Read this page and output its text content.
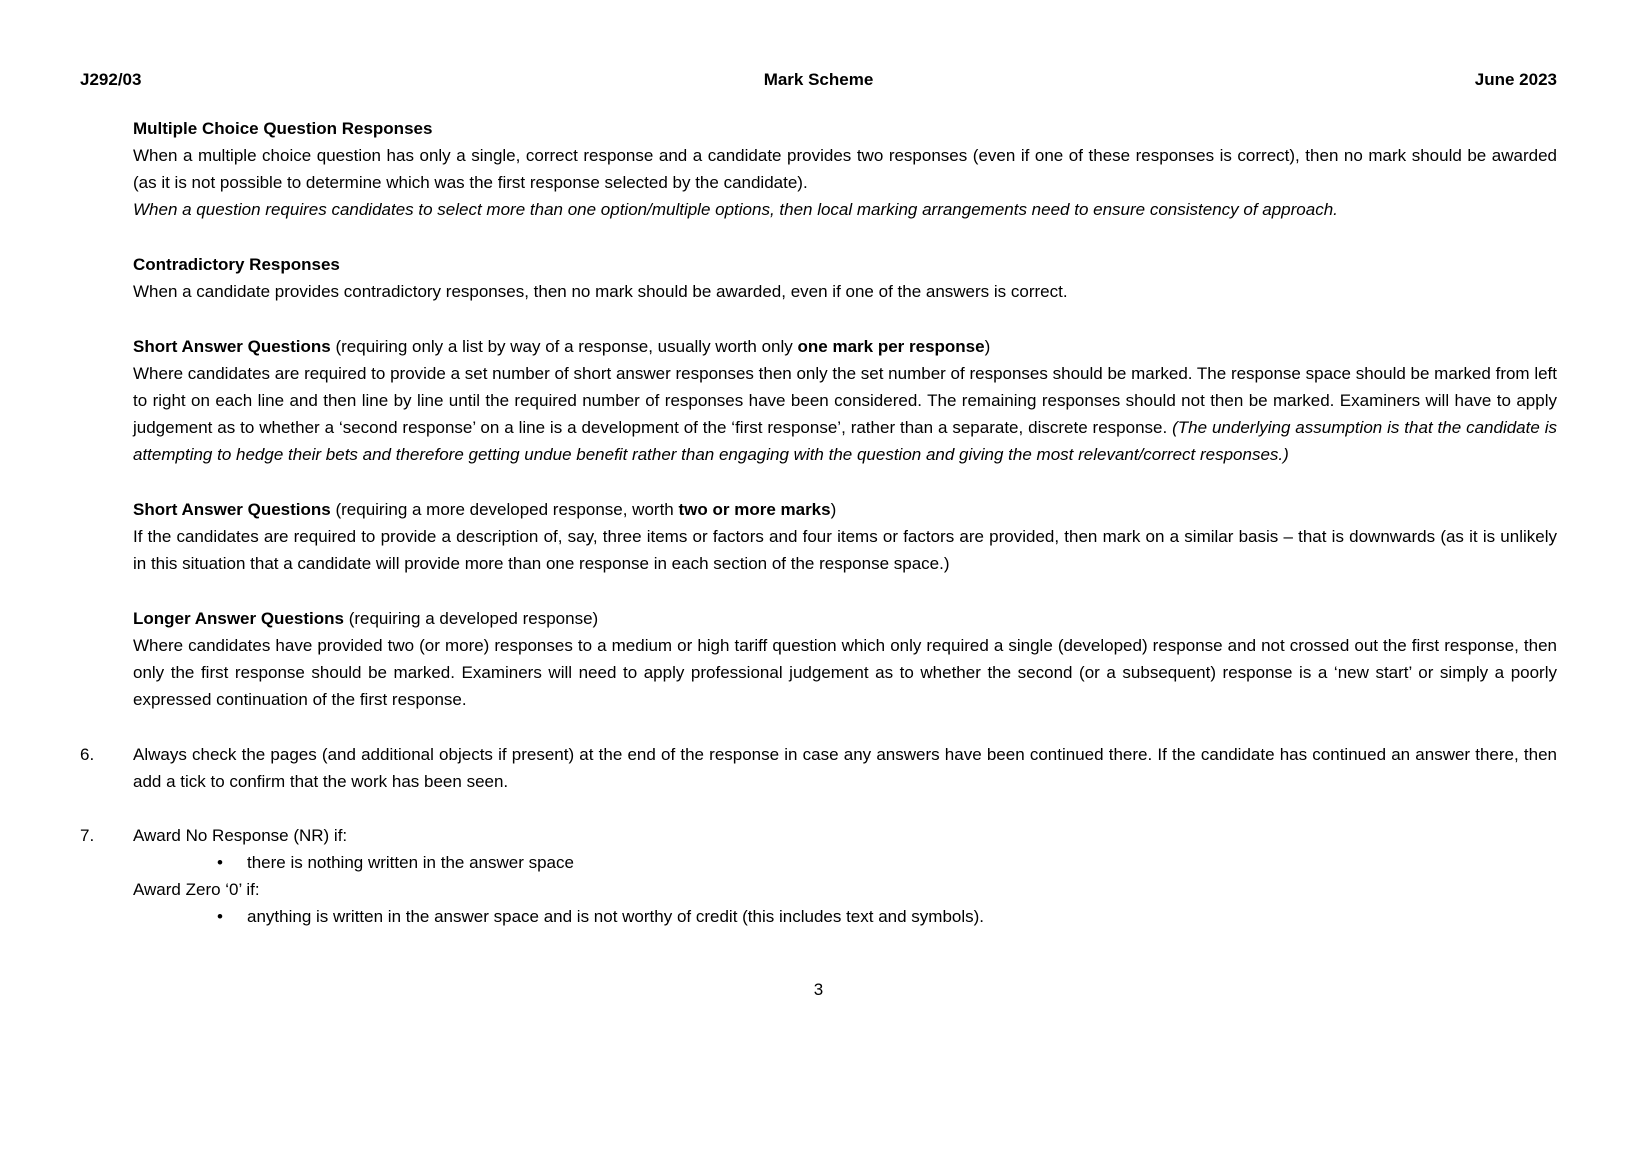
J292/03	Mark Scheme	June 2023

Multiple Choice Question Responses

When a multiple choice question has only a single, correct response and a candidate provides two responses (even if one of these responses is correct), then no mark should be awarded (as it is not possible to determine which was the first response selected by the candidate).

When a question requires candidates to select more than one option/multiple options, then local marking arrangements need to ensure consistency of approach.

Contradictory Responses

When a candidate provides contradictory responses, then no mark should be awarded, even if one of the answers is correct.

Short Answer Questions (requiring only a list by way of a response, usually worth only one mark per response)

Where candidates are required to provide a set number of short answer responses then only the set number of responses should be marked. The response space should be marked from left to right on each line and then line by line until the required number of responses have been considered. The remaining responses should not then be marked. Examiners will have to apply judgement as to whether a ‘second response’ on a line is a development of the ‘first response’, rather than a separate, discrete response. (The underlying assumption is that the candidate is attempting to hedge their bets and therefore getting undue benefit rather than engaging with the question and giving the most relevant/correct responses.)

Short Answer Questions (requiring a more developed response, worth two or more marks)

If the candidates are required to provide a description of, say, three items or factors and four items or factors are provided, then mark on a similar basis – that is downwards (as it is unlikely in this situation that a candidate will provide more than one response in each section of the response space.)

Longer Answer Questions (requiring a developed response)

Where candidates have provided two (or more) responses to a medium or high tariff question which only required a single (developed) response and not crossed out the first response, then only the first response should be marked. Examiners will need to apply professional judgement as to whether the second (or a subsequent) response is a ‘new start’ or simply a poorly expressed continuation of the first response.

6.	Always check the pages (and additional objects if present) at the end of the response in case any answers have been continued there. If the candidate has continued an answer there, then add a tick to confirm that the work has been seen.

7.	Award No Response (NR) if:

•	there is nothing written in the answer space

Award Zero ‘0’ if:

•	anything is written in the answer space and is not worthy of credit (this includes text and symbols).

3
